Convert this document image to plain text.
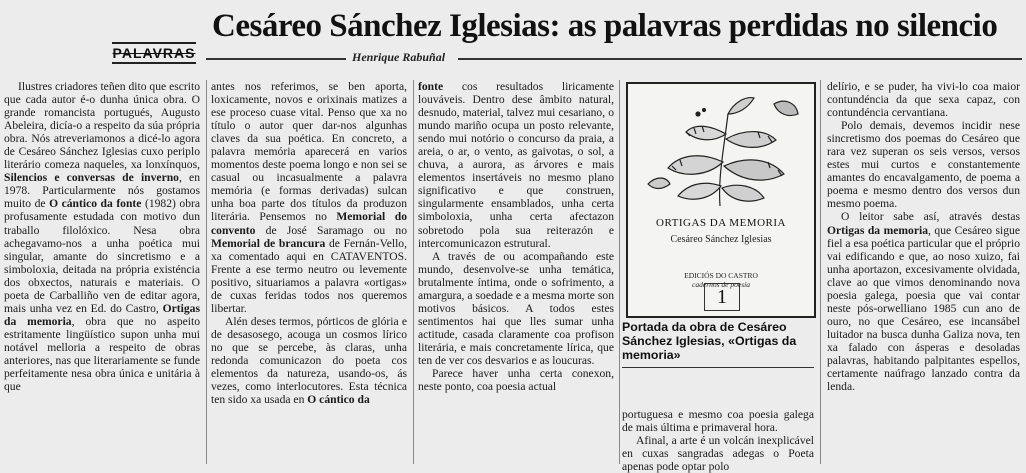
PALAVRAS
Cesáreo Sánchez Iglesias: as palavras perdidas no silencio
Henrique Rabuñal

Ilustres criadores teñen dito que escrito que cada autor é-o dunha única obra. O grande romancista portugués, Augusto Abeleira, dicía-o a respeito da súa própria obra. Nós atreveriamonos a dicé-lo agora de Cesáreo Sánchez Iglesias cuxo periplo literário comeza naqueles, xa lonxínquos, Silencios e conversas de inverno, en 1978. Particularmente nós gostamos muito de O cántico da fonte (1982) obra profusamente estudada con motivo dun traballo filolóxico. Nesa obra achegavamo-nos a unha poética mui singular, amante do sincretismo e a simboloxia, deitada na própria existéncia dos obxectos, naturais e materiais. O poeta de Carballiño ven de editar agora, mais unha vez en Ed. do Castro, Ortigas da memoria, obra que no aspeito estritamente lingüístico supon unha mui notável melloria a respeito de obras anteriores, nas que literariamente se funde perfeitamente nesa obra única e unitária à que

antes nos referimos, se ben aporta, loxicamente, novos e orixinais matizes a ese proceso cuase vital. Penso que xa no título o autor quer dar-nos algunhas claves da sua poética. En concreto, a palavra memória aparecerá en varios momentos deste poema longo e non sei se casual ou incasualmente a palavra memória (e formas derivadas) sulcan unha boa parte dos títulos da produzon literária. Pensemos no Memorial do convento de José Saramago ou no Memorial de brancura de Fernán-Vello, xa comentado aqui en CATAVENTOS. Frente a ese termo neutro ou levemente positivo, situariamos a palavra «ortigas» de cuxas feridas todos nos queremos libertar.

Alén deses termos, pórticos de glória e de desasosego, acouga un cosmos lírico no que se percebe, às claras, unha redonda comunicazon do poeta cos elementos da natureza, usando-os, ás vezes, como interlocutores. Esta técnica ten sido xa usada en O cántico da

fonte cos resultados liricamente louváveis. Dentro dese âmbito natural, desnudo, material, talvez mui cesariano, o mundo mariño ocupa un posto relevante, sendo mui notório o concurso da praia, a areia, o ar, o vento, as gaivotas, o sol, a chuva, a aurora, as árvores e mais elementos insertáveis no mesmo plano significativo e que construen, singularmente ensamblados, unha certa simboloxia, unha certa afectazon sobretodo pola sua reiterazón e intercomunicazon estrutural.

A través de ou acompañando este mundo, desenvolve-se unha temática, brutalmente íntima, onde o sofrimento, a amargura, a soedade e a mesma morte son motivos básicos. A todos estes sentimentos hai que lles sumar unha actitude, casada claramente coa profison literária, e mais concretamente lírica, que ten de ver cos desvarios e as loucuras.

Parece haver unha certa conexon, neste ponto, coa poesia actual

ORTIGAS DA MEMORIA
Cesáreo Sánchez Iglesias
EDICIÓS DO CASTRO
cadernos de poesía
1
Portada da obra de Cesáreo Sánchez Iglesias, «Ortigas da memoria»

portuguesa e mesmo coa poesia galega de mais última e primaveral hora.

Afinal, a arte é un volcán inexplicável en cuxas sangradas adegas o Poeta apenas pode optar polo

delírio, e se puder, ha vivi-lo coa maior contundéncia da que sexa capaz, con contundéncia cervantiana.

Polo demais, devemos incidir nese sincretismo dos poemas do Cesáreo que rara vez superan os seis versos, versos estes mui curtos e constantemente amantes do encavalgamento, de poema a poema e mesmo dentro dos versos dun mesmo poema.

O leitor sabe así, através destas Ortigas da memoria, que Cesáreo sigue fiel a esa poética particular que el próprio vai edificando e que, ao noso xuizo, fai unha aportazon, excesivamente olvidada, clave ao que vimos denominando nova poesia galega, poesia que vai contar neste pós-orwelliano 1985 cun ano de ouro, no que Cesáreo, ese incansábel luitador na busca dunha Galiza nova, ten xa falado con ásperas e desoladas palavras, habitando palpitantes espellos, certamente naúfrago lanzado contra da lenda.
